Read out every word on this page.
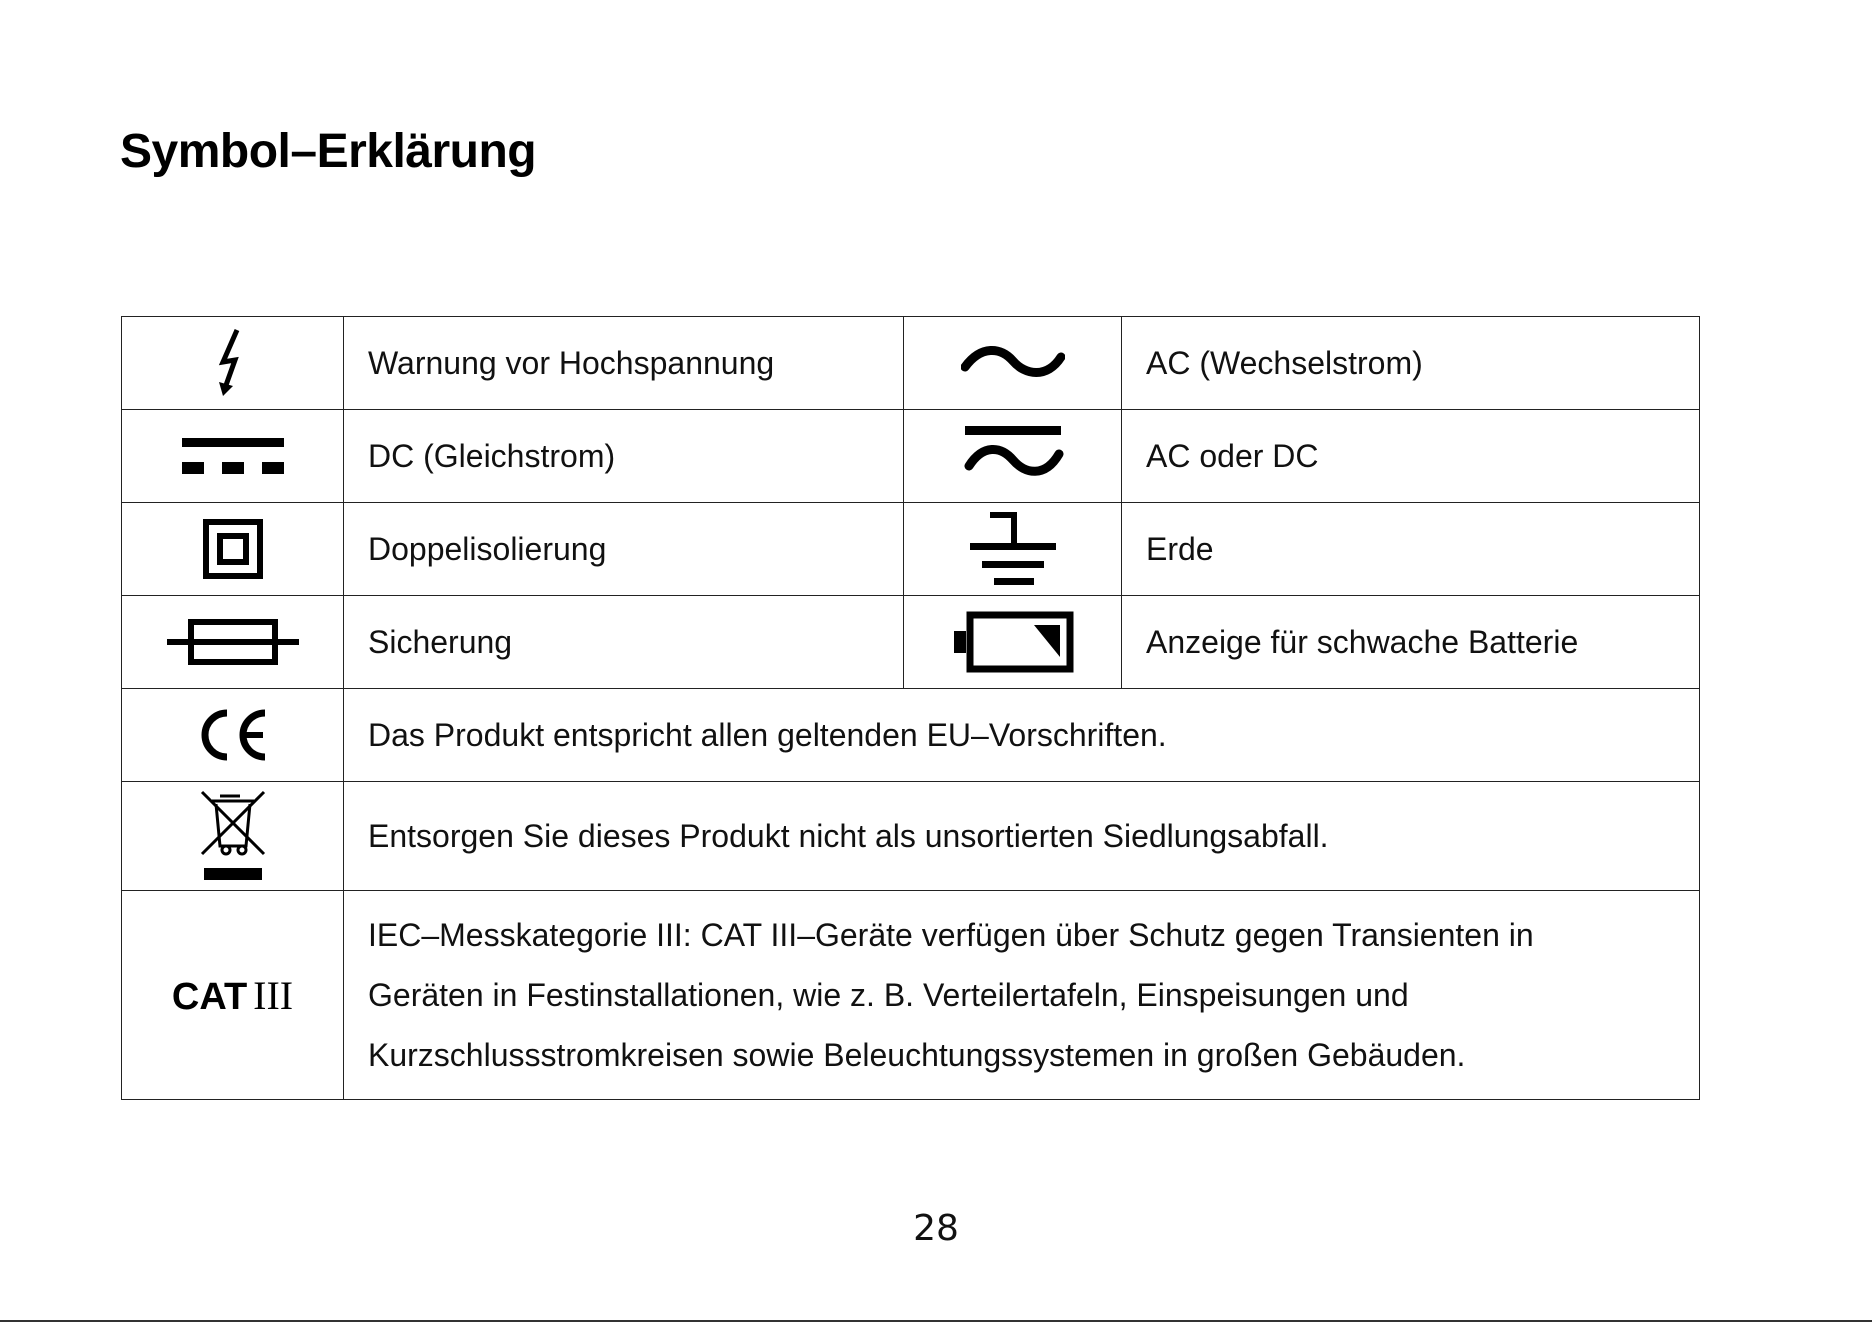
Symbol–Erklärung
	Warnung vor Hochspannung		AC (Wechselstrom)
	DC (Gleichstrom)		AC oder DC
	Doppelisolierung		Erde
	Sicherung		Anzeige für schwache Batterie
	Das Produkt entspricht allen geltenden EU–Vorschriften.		
	Entsorgen Sie dieses Produkt nicht als unsortierten Siedlungsabfall.		
CAT III	IEC–Messkategorie III: CAT III–Geräte verfügen über Schutz gegen Transienten in
Geräten in Festinstallationen, wie z. B. Verteilertafeln, Einspeisungen und
Kurzschlussstromkreisen sowie Beleuchtungssystemen in großen Gebäuden.		
28
